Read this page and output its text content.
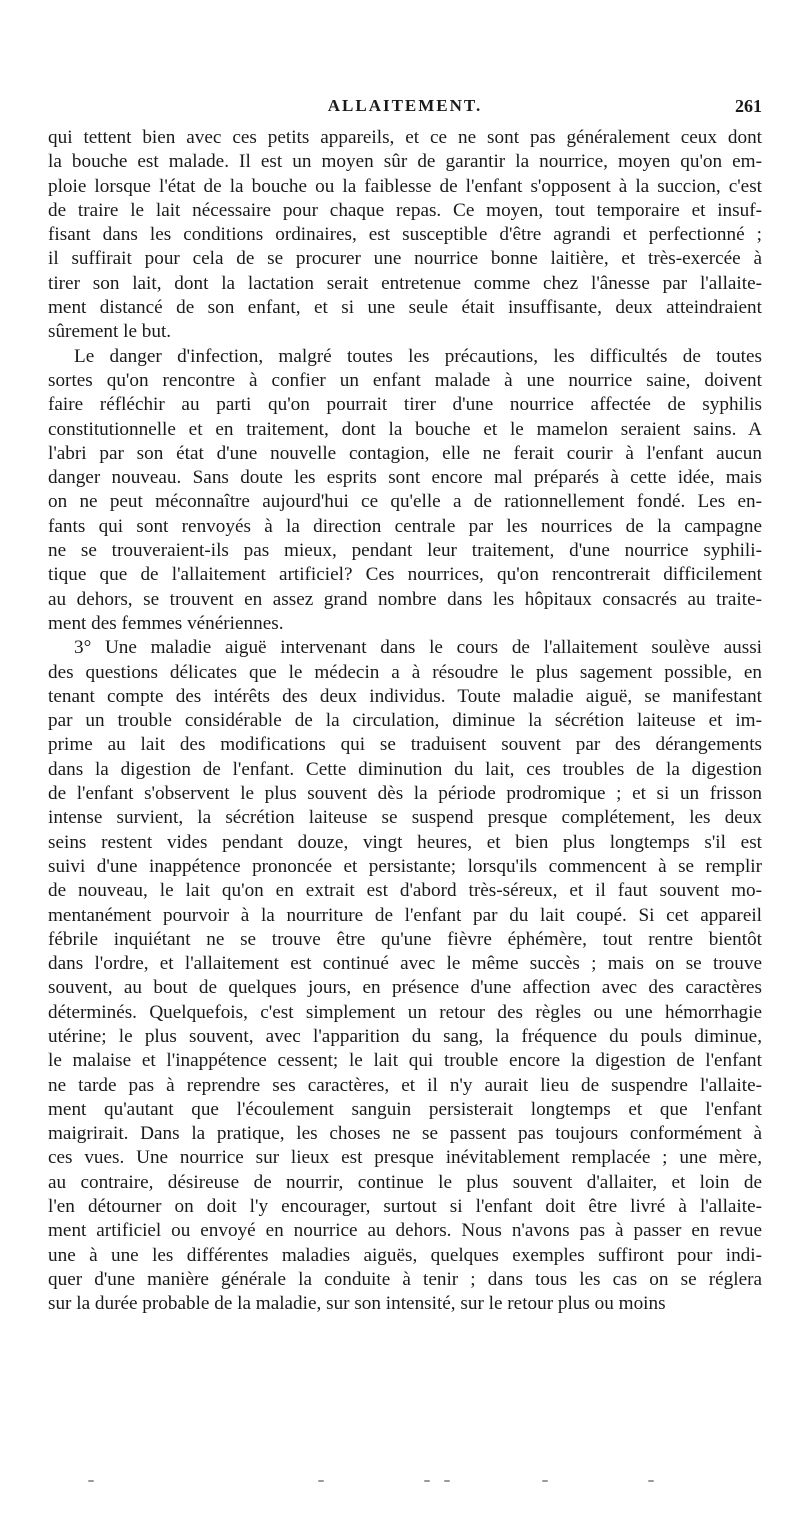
ALLAITEMENT.	261
qui tettent bien avec ces petits appareils, et ce ne sont pas généralement ceux dont
la bouche est malade. Il est un moyen sûr de garantir la nourrice, moyen qu'on em-
ploie lorsque l'état de la bouche ou la faiblesse de l'enfant s'opposent à la succion, c'est
de traire le lait nécessaire pour chaque repas. Ce moyen, tout temporaire et insuf-
fisant dans les conditions ordinaires, est susceptible d'être agrandi et perfectionné ;
il suffirait pour cela de se procurer une nourrice bonne laitière, et très-exercée à
tirer son lait, dont la lactation serait entretenue comme chez l'ânesse par l'allaite-
ment distancé de son enfant, et si une seule était insuffisante, deux atteindraient
sûrement le but.
Le danger d'infection, malgré toutes les précautions, les difficultés de toutes
sortes qu'on rencontre à confier un enfant malade à une nourrice saine, doivent
faire réfléchir au parti qu'on pourrait tirer d'une nourrice affectée de syphilis
constitutionnelle et en traitement, dont la bouche et le mamelon seraient sains. A
l'abri par son état d'une nouvelle contagion, elle ne ferait courir à l'enfant aucun
danger nouveau. Sans doute les esprits sont encore mal préparés à cette idée, mais
on ne peut méconnaître aujourd'hui ce qu'elle a de rationnellement fondé. Les en-
fants qui sont renvoyés à la direction centrale par les nourrices de la campagne
ne se trouveraient-ils pas mieux, pendant leur traitement, d'une nourrice syphili-
tique que de l'allaitement artificiel? Ces nourrices, qu'on rencontrerait difficilement
au dehors, se trouvent en assez grand nombre dans les hôpitaux consacrés au traite-
ment des femmes vénériennes.
3° Une maladie aiguë intervenant dans le cours de l'allaitement soulève aussi
des questions délicates que le médecin a à résoudre le plus sagement possible, en
tenant compte des intérêts des deux individus. Toute maladie aiguë, se manifestant
par un trouble considérable de la circulation, diminue la sécrétion laiteuse et im-
prime au lait des modifications qui se traduisent souvent par des dérangements
dans la digestion de l'enfant. Cette diminution du lait, ces troubles de la digestion
de l'enfant s'observent le plus souvent dès la période prodromique ; et si un frisson
intense survient, la sécrétion laiteuse se suspend presque complétement, les deux
seins restent vides pendant douze, vingt heures, et bien plus longtemps s'il est
suivi d'une inappétence prononcée et persistante; lorsqu'ils commencent à se remplir
de nouveau, le lait qu'on en extrait est d'abord très-séreux, et il faut souvent mo-
mentanément pourvoir à la nourriture de l'enfant par du lait coupé. Si cet appareil
fébrile inquiétant ne se trouve être qu'une fièvre éphémère, tout rentre bientôt
dans l'ordre, et l'allaitement est continué avec le même succès ; mais on se trouve
souvent, au bout de quelques jours, en présence d'une affection avec des caractères
déterminés. Quelquefois, c'est simplement un retour des règles ou une hémorrhagie
utérine; le plus souvent, avec l'apparition du sang, la fréquence du pouls diminue,
le malaise et l'inappétence cessent; le lait qui trouble encore la digestion de l'enfant
ne tarde pas à reprendre ses caractères, et il n'y aurait lieu de suspendre l'allaite-
ment qu'autant que l'écoulement sanguin persisterait longtemps et que l'enfant
maigrirait. Dans la pratique, les choses ne se passent pas toujours conformément à
ces vues. Une nourrice sur lieux est presque inévitablement remplacée ; une mère,
au contraire, désireuse de nourrir, continue le plus souvent d'allaiter, et loin de
l'en détourner on doit l'y encourager, surtout si l'enfant doit être livré à l'allaite-
ment artificiel ou envoyé en nourrice au dehors. Nous n'avons pas à passer en revue
une à une les différentes maladies aiguës, quelques exemples suffiront pour indi-
quer d'une manière générale la conduite à tenir ; dans tous les cas on se réglera
sur la durée probable de la maladie, sur son intensité, sur le retour plus ou moins
